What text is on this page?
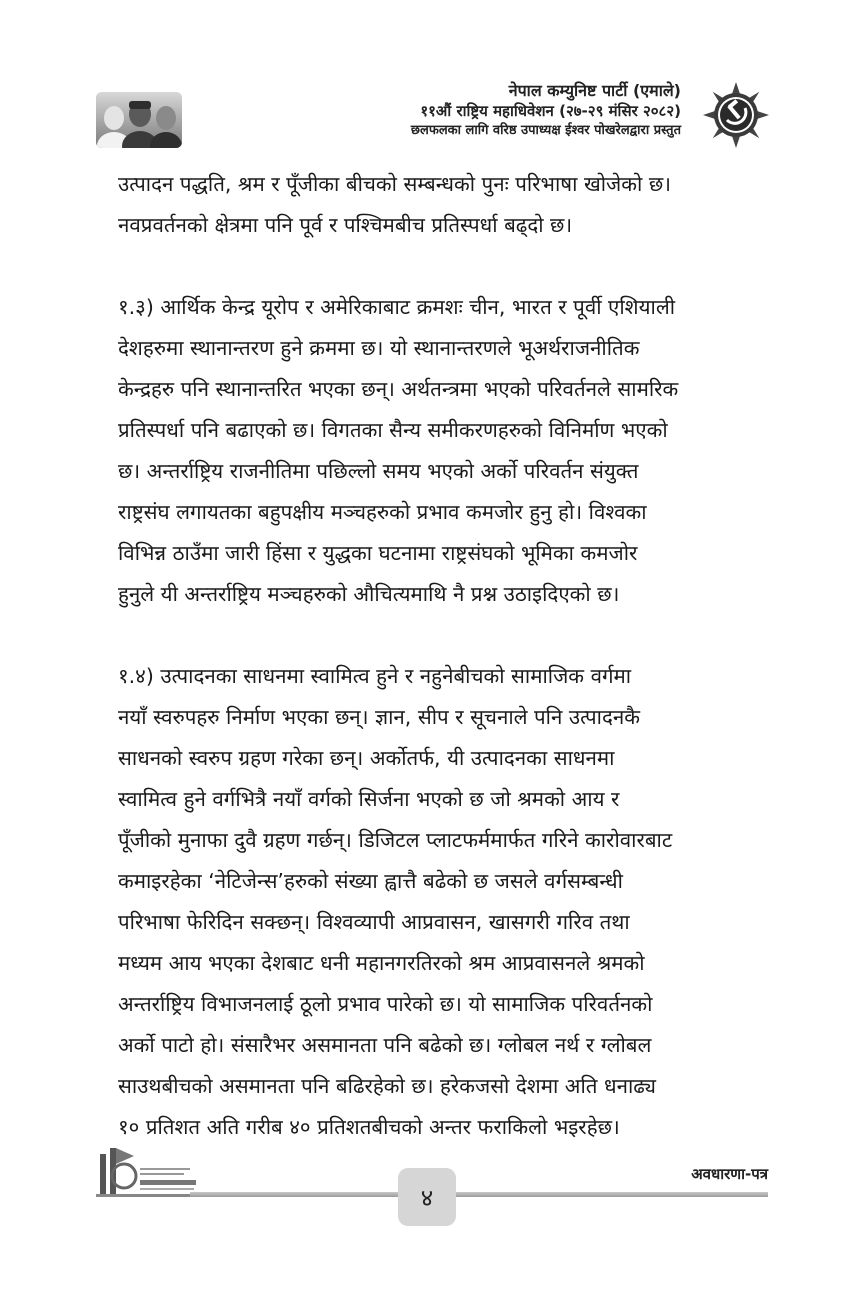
नेपाल कम्युनिष्ट पार्टी (एमाले)
११औं राष्ट्रिय महाधिवेशन (२७-२९ मंसिर २०८२)
छलफलका लागि वरिष्ठ उपाध्यक्ष ईश्वर पोखरेलद्वारा प्रस्तुत

उत्पादन पद्धति, श्रम र पूँजीका बीचको सम्बन्धको पुनः परिभाषा खोजेको छ।
नवप्रवर्तनको क्षेत्रमा पनि पूर्व र पश्चिमबीच प्रतिस्पर्धा बढ्दो छ।

१.३) आर्थिक केन्द्र यूरोप र अमेरिकाबाट क्रमशः चीन, भारत र पूर्वी एशियाली
देशहरुमा स्थानान्तरण हुने क्रममा छ। यो स्थानान्तरणले भूअर्थराजनीतिक
केन्द्रहरु पनि स्थानान्तरित भएका छन्। अर्थतन्त्रमा भएको परिवर्तनले सामरिक
प्रतिस्पर्धा पनि बढाएको छ। विगतका सैन्य समीकरणहरुको विनिर्माण भएको
छ। अन्तर्राष्ट्रिय राजनीतिमा पछिल्लो समय भएको अर्को परिवर्तन संयुक्त
राष्ट्रसंघ लगायतका बहुपक्षीय मञ्चहरुको प्रभाव कमजोर हुनु हो। विश्वका
विभिन्न ठाउँमा जारी हिंसा र युद्धका घटनामा राष्ट्रसंघको भूमिका कमजोर
हुनुले यी अन्तर्राष्ट्रिय मञ्चहरुको औचित्यमाथि नै प्रश्न उठाइदिएको छ।

१.४) उत्पादनका साधनमा स्वामित्व हुने र नहुनेबीचको सामाजिक वर्गमा
नयाँ स्वरुपहरु निर्माण भएका छन्। ज्ञान, सीप र सूचनाले पनि उत्पादनकै
साधनको स्वरुप ग्रहण गरेका छन्। अर्कोतर्फ, यी उत्पादनका साधनमा
स्वामित्व हुने वर्गभित्रै नयाँ वर्गको सिर्जना भएको छ जो श्रमको आय र
पूँजीको मुनाफा दुवै ग्रहण गर्छन्। डिजिटल प्लाटफर्ममार्फत गरिने कारोवारबाट
कमाइरहेका ‘नेटिजेन्स’हरुको संख्या ह्वात्तै बढेको छ जसले वर्गसम्बन्धी
परिभाषा फेरिदिन सक्छन्। विश्वव्यापी आप्रवासन, खासगरी गरिव तथा
मध्यम आय भएका देशबाट धनी महानगरतिरको श्रम आप्रवासनले श्रमको
अन्तर्राष्ट्रिय विभाजनलाई ठूलो प्रभाव पारेको छ। यो सामाजिक परिवर्तनको
अर्को पाटो हो। संसारैभर असमानता पनि बढेको छ। ग्लोबल नर्थ र ग्लोबल
साउथबीचको असमानता पनि बढिरहेको छ। हरेकजसो देशमा अति धनाढ्य
१० प्रतिशत अति गरीब ४० प्रतिशतबीचको अन्तर फराकिलो भइरहेछ।

४
अवधारणा-पत्र
